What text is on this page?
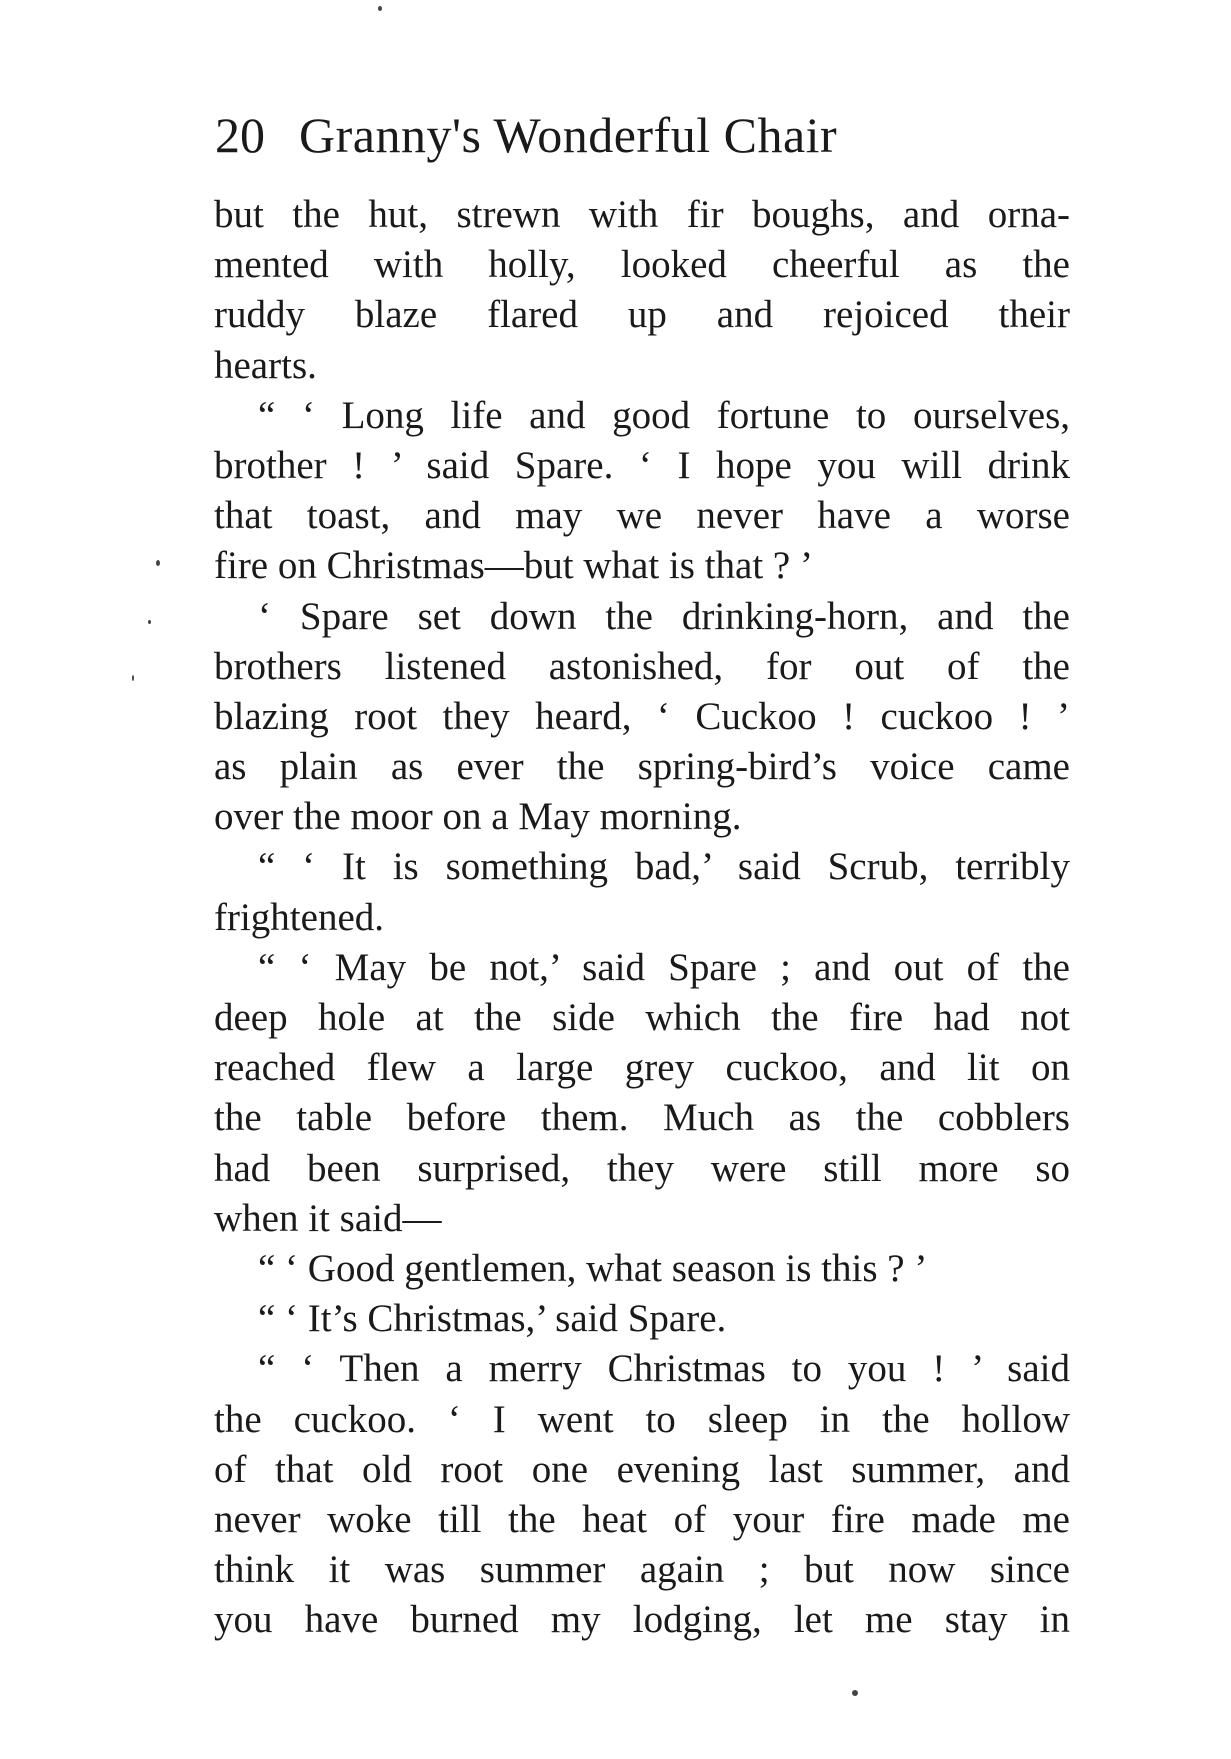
20 Granny's Wonderful Chair
but the hut, strewn with fir boughs, and orna-
mented with holly, looked cheerful as the
ruddy blaze flared up and rejoiced their
hearts.
“ ‘ Long life and good fortune to ourselves,
brother ! ’ said Spare. ‘ I hope you will drink
that toast, and may we never have a worse
fire on Christmas—but what is that ? ’
‘ Spare set down the drinking-horn, and the
brothers listened astonished, for out of the
blazing root they heard, ‘ Cuckoo ! cuckoo ! ’
as plain as ever the spring-bird’s voice came
over the moor on a May morning.
“ ‘ It is something bad,’ said Scrub, terribly
frightened.
“ ‘ May be not,’ said Spare ; and out of the
deep hole at the side which the fire had not
reached flew a large grey cuckoo, and lit on
the table before them. Much as the cobblers
had been surprised, they were still more so
when it said—
“ ‘ Good gentlemen, what season is this ? ’
“ ‘ It’s Christmas,’ said Spare.
“ ‘ Then a merry Christmas to you ! ’ said
the cuckoo. ‘ I went to sleep in the hollow
of that old root one evening last summer, and
never woke till the heat of your fire made me
think it was summer again ; but now since
you have burned my lodging, let me stay in
